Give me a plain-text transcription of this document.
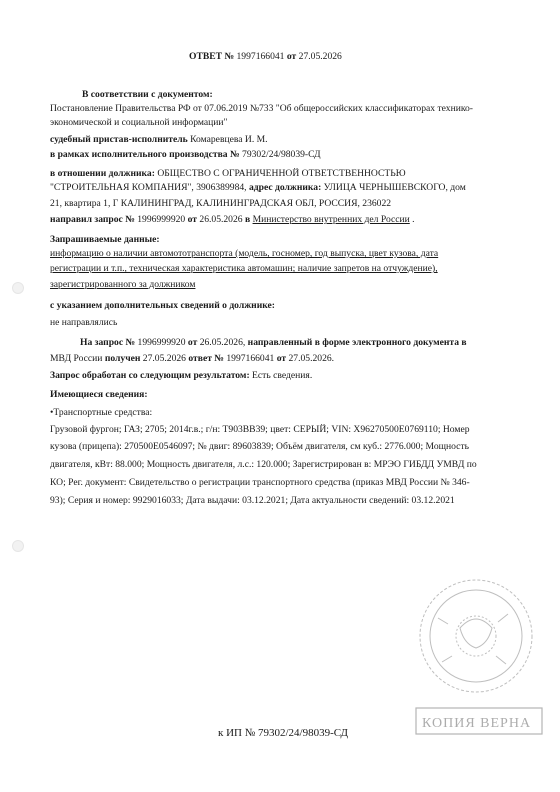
ОТВЕТ № 1997166041 от 27.05.2026
В соответствии с документом:
Постановление Правительства РФ от 07.06.2019 №733 "Об общероссийских классификаторах технико-
экономической и социальной информации"
судебный пристав-исполнитель Комаревцева И. М.
в рамках исполнительного производства № 79302/24/98039-СД
в отношении должника: ОБЩЕСТВО С ОГРАНИЧЕННОЙ ОТВЕТСТВЕННОСТЬЮ
"СТРОИТЕЛЬНАЯ КОМПАНИЯ", 3906389984, адрес должника: УЛИЦА ЧЕРНЫШЕВСКОГО, дом
21, квартира 1, Г КАЛИНИНГРАД, КАЛИНИНГРАДСКАЯ ОБЛ, РОССИЯ, 236022
направил запрос № 1996999920 от 26.05.2026 в Министерство внутренних дел России .
Запрашиваемые данные:
информацию о наличии автомототранспорта (модель, госномер, год выпуска, цвет кузова, дата
регистрации и т.п., техническая характеристика автомашин; наличие запретов на отчуждение),
зарегистрированного за должником
с указанием дополнительных сведений о должнике:
не направлялись
На запрос № 1996999920 от 26.05.2026, направленный в форме электронного документа в
МВД России получен 27.05.2026 ответ № 1997166041 от 27.05.2026.
Запрос обработан со следующим результатом: Есть сведения.
Имеющиеся сведения:
•Транспортные средства:
Грузовой фургон; ГАЗ; 2705; 2014г.в.; г/н: Т903ВВ39; цвет: СЕРЫЙ; VIN: X96270500E0769110; Номер
кузова (прицепа): 270500E0546097; № двиг: 89603839; Объём двигателя, см куб.: 2776.000; Мощность
двигателя, кВт: 88.000; Мощность двигателя, л.с.: 120.000; Зарегистрирован в: МРЭО ГИБДД УМВД по
КО; Рег. документ: Свидетельство о регистрации транспортного средства (приказ МВД России № 346-
93); Серия и номер: 9929016033; Дата выдачи: 03.12.2021; Дата актуальности сведений: 03.12.2021
к ИП № 79302/24/98039-СД
КОПИЯ ВЕРНА
